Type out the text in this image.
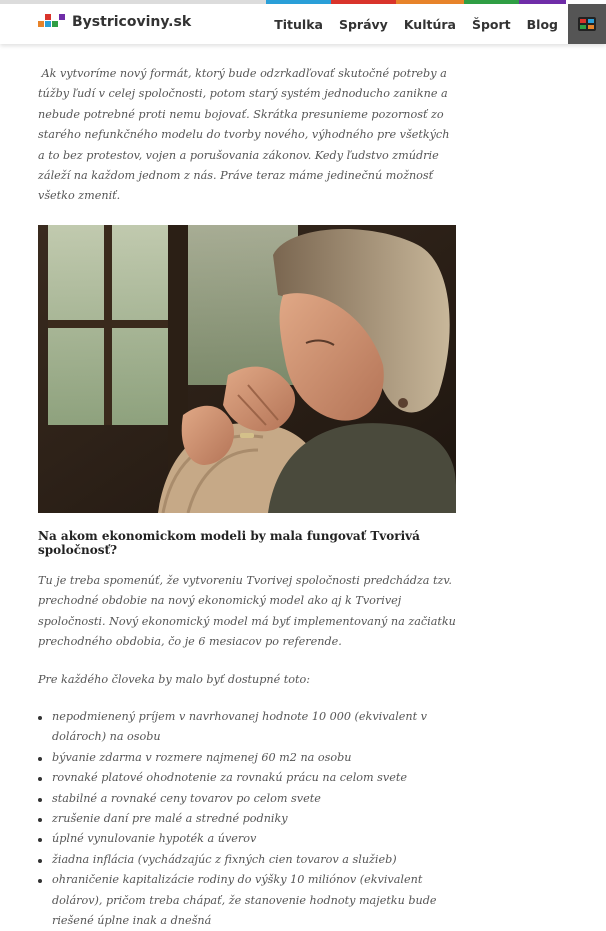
Bystricoviny.sk	Titulka Správy Kultúra Šport Blog

Ak vytvoríme nový formát, ktorý bude odzrkadľovať skutočné potreby a túžby ľudí v celej spoločnosti, potom starý systém jednoducho zanikne a nebude potrebné proti nemu bojovať. Skrátka presunieme pozornosť zo starého nefunkčného modelu do tvorby nového, výhodného pre všetkých a to bez protestov, vojen a porušovania zákonov. Kedy ľudstvo zmúdrie záleží na každom jednom z nás. Práve teraz máme jedinečnú možnosť všetko zmeniť.

Na akom ekonomickom modeli by mala fungovať Tvorivá spoločnosť?

Tu je treba spomenúť, že vytvoreniu Tvorivej spoločnosti predchádza tzv. prechodné obdobie na nový ekonomický model ako aj k Tvorivej spoločnosti. Nový ekonomický model má byť implementovaný na začiatku prechodného obdobia, čo je 6 mesiacov po referende.

Pre každého človeka by malo byť dostupné toto:

nepodmienený príjem v navrhovanej hodnote 10 000 (ekvivalent v dolároch) na osobu
bývanie zdarma v rozmere najmenej 60 m2 na osobu
rovnaké platové ohodnotenie za rovnakú prácu na celom svete
stabilné a rovnaké ceny tovarov po celom svete
zrušenie daní pre malé a stredné podniky
úplné vynulovanie hypoték a úverov
žiadna inflácia (vychádzajúc z fixných cien tovarov a služieb)
ohraničenie kapitalizácie rodiny do výšky 10 miliónov (ekvivalent dolárov), pričom treba chápať, že stanovenie hodnoty majetku bude riešené úplne inak a dnešná
